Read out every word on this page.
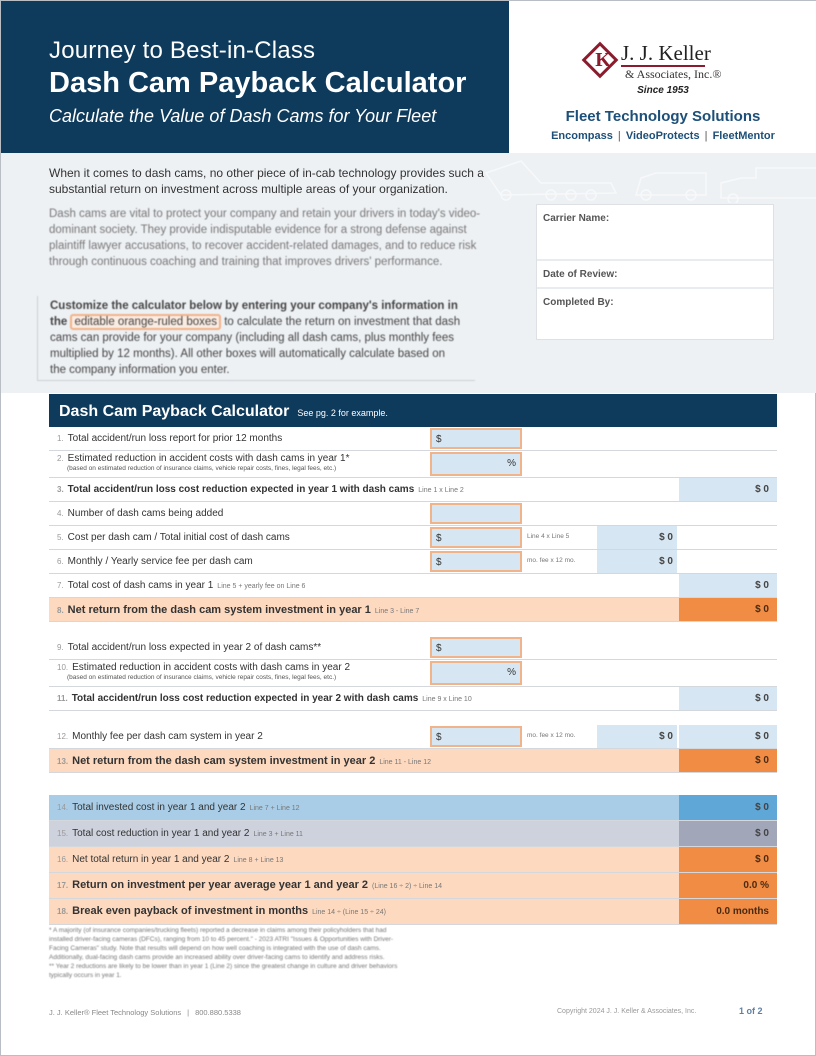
Journey to Best-in-Class
Dash Cam Payback Calculator
Calculate the Value of Dash Cams for Your Fleet
K J. J. Keller
& Associates, Inc.®
Since 1953
Fleet Technology Solutions
Encompass | VideoProtects | FleetMentor
When it comes to dash cams, no other piece of in-cab technology provides such a substantial return on investment across multiple areas of your organization.
Dash cams are vital to protect your company and retain your drivers in today's video-dominant society. They provide indisputable evidence for a strong defense against plaintiff lawyer accusations, to recover accident-related damages, and to reduce risk through continuous coaching and training that improves drivers' performance.
Customize the calculator below by entering your company's information in the editable orange-ruled boxes to calculate the return on investment that dash cams can provide for your company (including all dash cams, plus monthly fees multiplied by 12 months). All other boxes will automatically calculate based on the company information you enter.
Carrier Name:
Date of Review:
Completed By:
Dash Cam Payback Calculator See pg. 2 for example.
1. Total accident/run loss report for prior 12 months	$
2. Estimated reduction in accident costs with dash cams in year 1*
(based on estimated reduction of insurance claims, vehicle repair costs, fines, legal fees, etc.)	%
3. Total accident/run loss cost reduction expected in year 1 with dash cams Line 1 x Line 2	$ 0
4. Number of dash cams being added
5. Cost per dash cam / Total initial cost of dash cams	$	Line 4 x Line 5	$ 0
6. Monthly / Yearly service fee per dash cam	$	mo. fee x 12 mo.	$ 0
7. Total cost of dash cams in year 1 Line 5 + yearly fee on Line 6	$ 0
8. Net return from the dash cam system investment in year 1 Line 3 - Line 7	$ 0
9. Total accident/run loss expected in year 2 of dash cams**	$
10. Estimated reduction in accident costs with dash cams in year 2
(based on estimated reduction of insurance claims, vehicle repair costs, fines, legal fees, etc.)	%
11. Total accident/run loss cost reduction expected in year 2 with dash cams Line 9 x Line 10	$ 0
12. Monthly fee per dash cam system in year 2	$	mo. fee x 12 mo.	$ 0	$ 0
13. Net return from the dash cam system investment in year 2 Line 11 - Line 12	$ 0
14. Total invested cost in year 1 and year 2 Line 7 + Line 12	$ 0
15. Total cost reduction in year 1 and year 2 Line 3 + Line 11	$ 0
16. Net total return in year 1 and year 2 Line 8 + Line 13	$ 0
17. Return on investment per year average year 1 and year 2 (Line 16 ÷ 2) ÷ Line 14	0.0 %
18. Break even payback of investment in months Line 14 ÷ (Line 15 ÷ 24)	0.0 months

* A majority (of insurance companies/trucking fleets) reported a decrease in claims among their policyholders that had installed driver-facing cameras (DFCs), ranging from 10 to 45 percent." - 2023 ATRI "Issues & Opportunities with Driver-Facing Cameras" study. Note that results will depend on how well coaching is integrated with the use of dash cams. Additionally, dual-facing dash cams provide an increased ability over driver-facing cams to identify and address risks.

** Year 2 reductions are likely to be lower than in year 1 (Line 2) since the greatest change in culture and driver behaviors typically occurs in year 1.

J. J. Keller® Fleet Technology Solutions | 800.880.5338	Copyright 2024 J. J. Keller & Associates, Inc.	1 of 2
